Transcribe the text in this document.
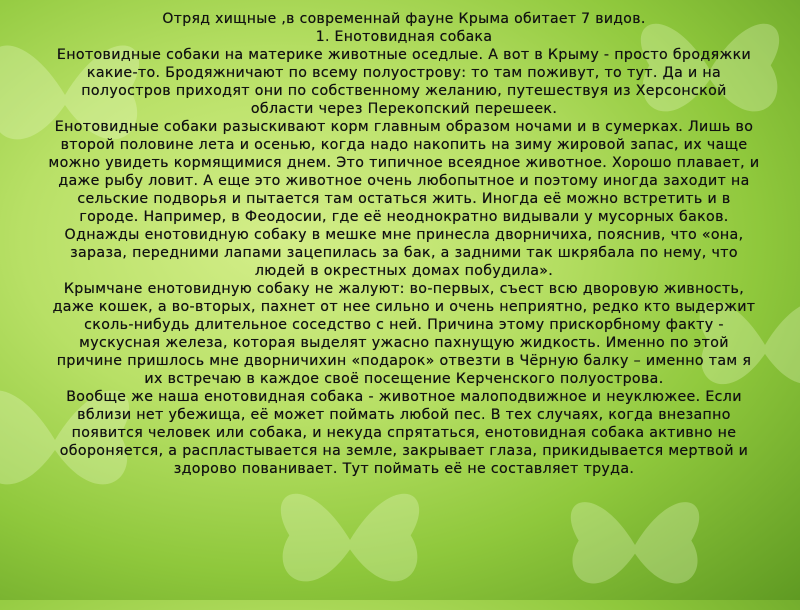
Отряд хищные ,в современнай фауне Крыма обитает 7 видов.

1. Енотовидная собака

Енотовидные собаки на материке животные оседлые. А вот в Крыму - просто бродяжки какие-то. Бродяжничают по всему полуострову: то там поживут, то тут. Да и на полуостров приходят они по собственному желанию, путешествуя из Херсонской области через Перекопский перешеек.

Енотовидные собаки разыскивают корм главным образом ночами и в сумерках. Лишь во второй половине лета и осенью, когда надо накопить на зиму жировой запас, их чаще можно увидеть кормящимися днем. Это типичное всеядное животное. Хорошо плавает, и даже рыбу ловит. А еще это животное очень любопытное и поэтому иногда заходит на сельские подворья и пытается там остаться жить. Иногда её можно встретить и в городе. Например, в Феодосии, где её неоднократно видывали у мусорных баков. Однажды енотовидную собаку в мешке мне принесла дворничиха, пояснив, что «она, зараза, передними лапами зацепилась за бак, а задними так шкрябала по нему, что людей в окрестных домах побудила».

Крымчане енотовидную собаку не жалуют: во-первых, съест всю дворовую живность, даже кошек, а во-вторых, пахнет от нее сильно и очень неприятно, редко кто выдержит сколь-нибудь длительное соседство с ней. Причина этому прискорбному факту - мускусная железа, которая выделят ужасно пахнущую жидкость. Именно по этой причине пришлось мне дворничихин «подарок» отвезти в Чёрную балку – именно там я их встречаю в каждое своё посещение Керченского полуострова.

Вообще же наша енотовидная собака - животное малоподвижное и неуклюжее. Если вблизи нет убежища, её может поймать любой пес. В тех случаях, когда внезапно появится человек или собака, и некуда спрятаться, енотовидная собака активно не обороняется, а распластывается на земле, закрывает глаза, прикидывается мертвой и здорово пованивает. Тут поймать её не составляет труда.
